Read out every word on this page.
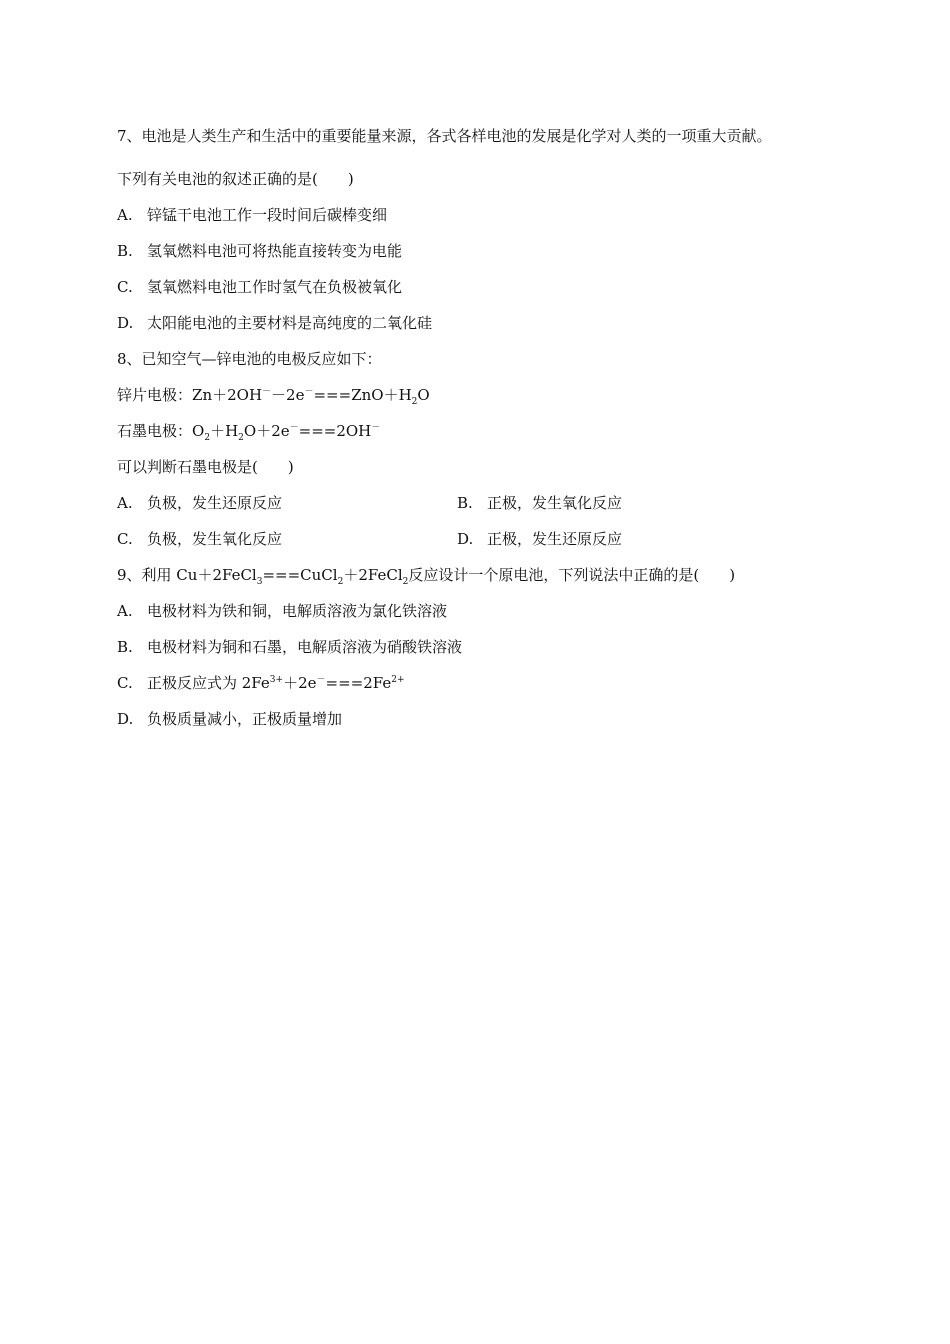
7、电池是人类生产和生活中的重要能量来源，各式各样电池的发展是化学对人类的一项重大贡献。
下列有关电池的叙述正确的是(　　)
A. 锌锰干电池工作一段时间后碳棒变细
B. 氢氧燃料电池可将热能直接转变为电能
C. 氢氧燃料电池工作时氢气在负极被氧化
D. 太阳能电池的主要材料是高纯度的二氧化硅
8、已知空气—锌电池的电极反应如下：
锌片电极：$Zn+2OH^--2e^-===ZnO+H_2O$
石墨电极：$O_2+H_2O+2e^-===2OH^-$
可以判断石墨电极是(　　)
A. 负极，发生还原反应	B. 正极，发生氧化反应
C. 负极，发生氧化反应	D. 正极，发生还原反应
9、利用 Cu＋2FeCl$_3$===CuCl$_2$＋2FeCl$_2$反应设计一个原电池，下列说法中正确的是(　　)
A. 电极材料为铁和铜，电解质溶液为氯化铁溶液
B. 电极材料为铜和石墨，电解质溶液为硝酸铁溶液
C. 正极反应式为 $2Fe^{3+}+2e^-===2Fe^{2+}$
D. 负极质量减小，正极质量增加
